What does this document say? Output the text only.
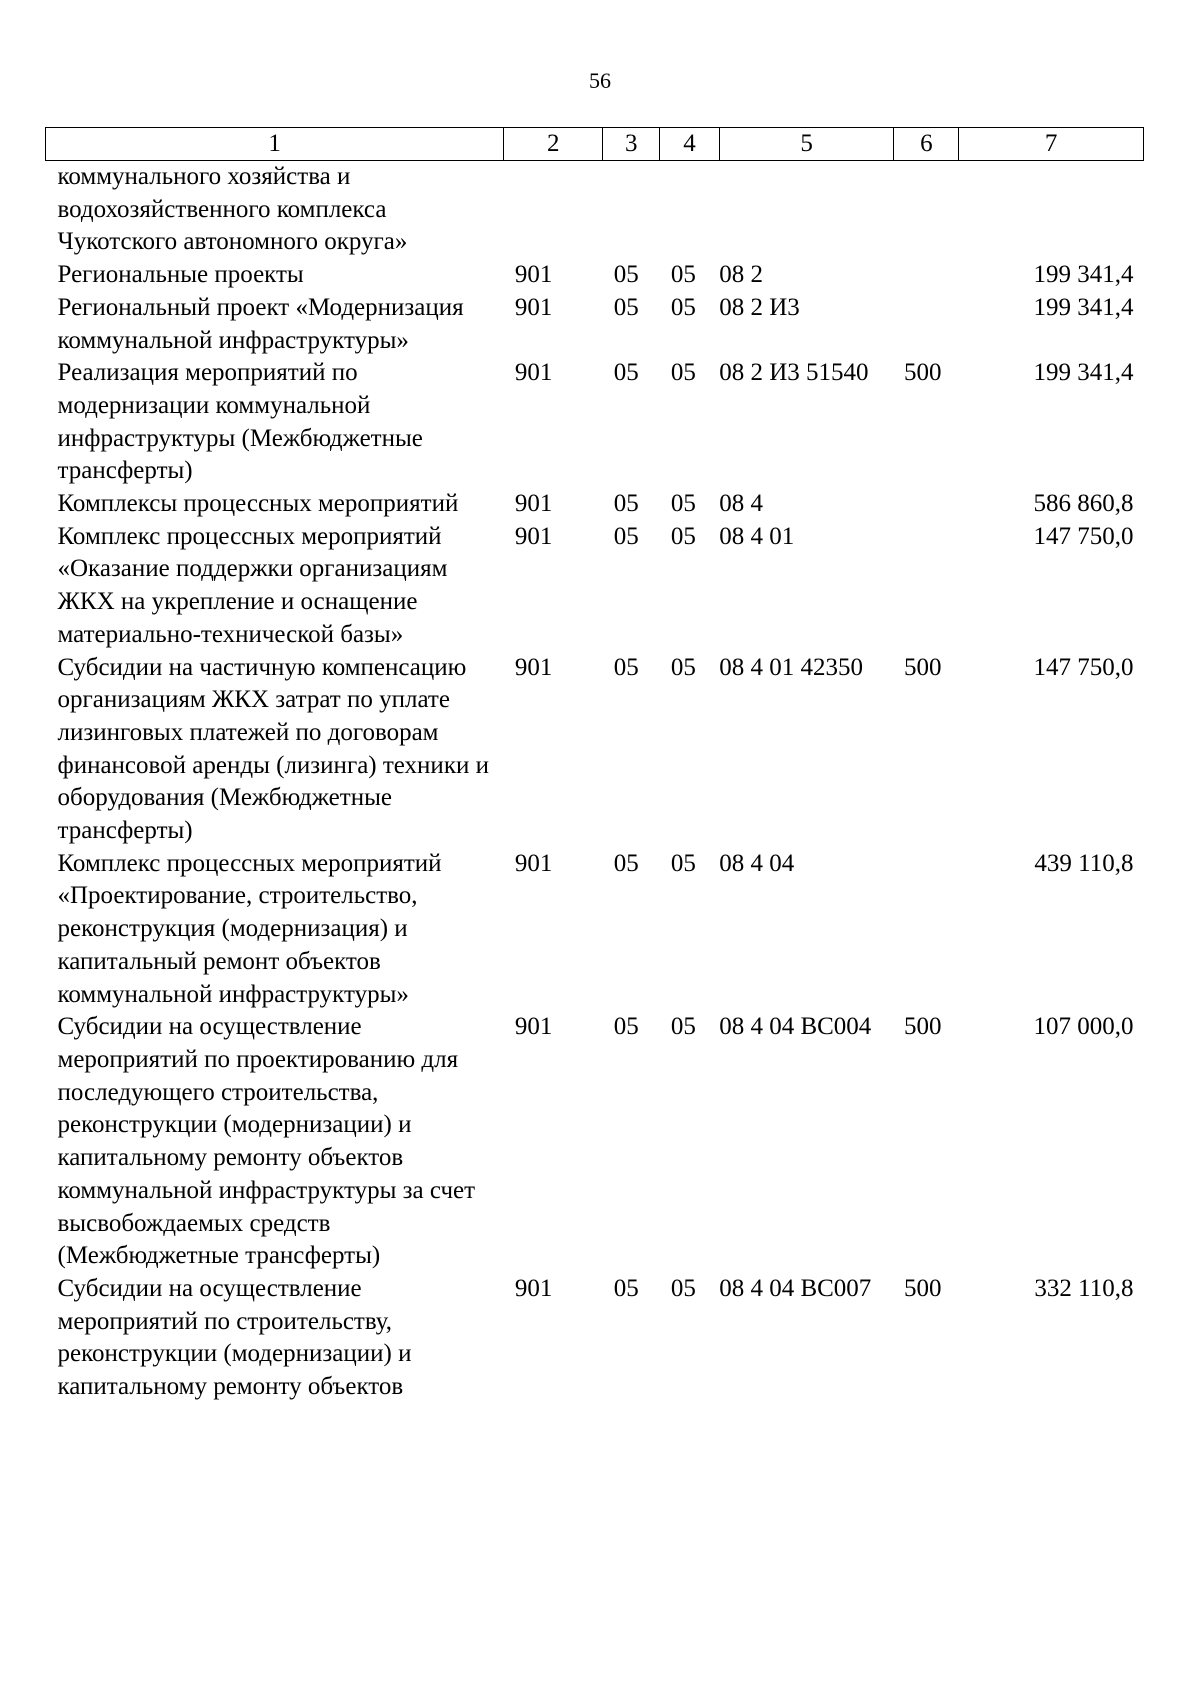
56
1	2	3	4	5	6	7
коммунального хозяйства и водохозяйственного комплекса Чукотского автономного округа»						
Региональные проекты	901	05	05	08 2		199 341,4
Региональный проект «Модернизация коммунальной инфраструктуры»	901	05	05	08 2 И3		199 341,4
Реализация мероприятий по модернизации коммунальной инфраструктуры (Межбюджетные трансферты)	901	05	05	08 2 И3 51540	500	199 341,4
Комплексы процессных мероприятий	901	05	05	08 4		586 860,8
Комплекс процессных мероприятий «Оказание поддержки организациям ЖКХ на укрепление и оснащение материально-технической базы»	901	05	05	08 4 01		147 750,0
Субсидии на частичную компенсацию организациям ЖКХ затрат по уплате лизинговых платежей по договорам финансовой аренды (лизинга) техники и оборудования (Межбюджетные трансферты)	901	05	05	08 4 01 42350	500	147 750,0
Комплекс процессных мероприятий «Проектирование, строительство, реконструкция (модернизация) и капитальный ремонт объектов коммунальной инфраструктуры»	901	05	05	08 4 04		439 110,8
Субсидии на осуществление мероприятий по проектированию для последующего строительства, реконструкции (модернизации) и капитальному ремонту объектов коммунальной инфраструктуры за счет высвобождаемых средств (Межбюджетные трансферты)	901	05	05	08 4 04 ВС004	500	107 000,0
Субсидии на осуществление мероприятий по строительству, реконструкции (модернизации) и капитальному ремонту объектов	901	05	05	08 4 04 ВС007	500	332 110,8
